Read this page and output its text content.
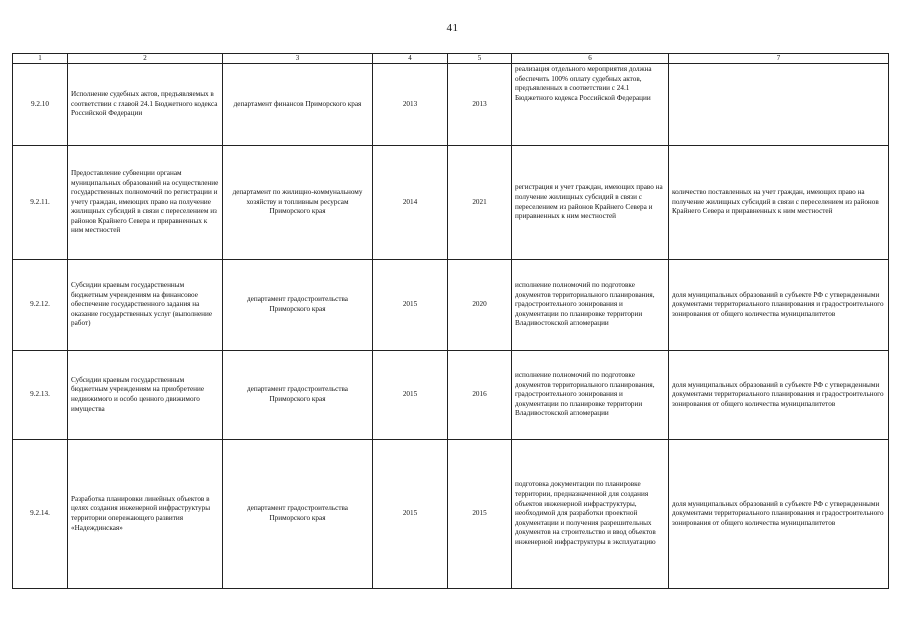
41
1	2	3	4	5	6	7
9.2.10	Исполнение судебных актов, предъявляемых в соответствии с главой 24.1 Бюджетного кодекса Российской Федерации	департамент финансов Приморского края	2013	2013	реализация отдельного мероприятия должна обеспечить 100% оплату судебных актов, предъявленных в соответствии с 24.1 Бюджетного кодекса Российской Федерации	
9.2.11.	Предоставление субвенции органам муниципальных образований на осуществление государственных полномочий по регистрации и учету граждан, имеющих право на получение жилищных субсидий в связи с переселением из районов Крайнего Севера и приравненных к ним местностей	департамент по жилищно-коммунальному хозяйству и топливным ресурсам Приморского края	2014	2021	регистрация и учет граждан, имеющих право на получение жилищных субсидий в связи с переселением из районов Крайнего Севера и приравненных к ним местностей	количество поставленных на учет граждан, имеющих право на получение жилищных субсидий в связи с переселением из районов Крайнего Севера и приравненных к ним местностей
9.2.12.	Субсидии краевым государственным бюджетным учреждениям на финансовое обеспечение государственного задания на оказание государственных услуг (выполнение работ)	департамент градостроительства Приморского края	2015	2020	исполнение полномочий по подготовке документов территориального планирования, градостроительного зонирования и документации по планировке территории Владивостокской агломерации	доля муниципальных образований в субъекте РФ с утвержденными документами территориального планирования и градостроительного зонирования от общего количества муниципалитетов
9.2.13.	Субсидии краевым государственным бюджетным учреждениям на приобретение недвижимого и особо ценного движимого имущества	департамент градостроительства Приморского края	2015	2016	исполнение полномочий по подготовке документов территориального планирования, градостроительного зонирования и документации по планировке территории Владивостокской агломерации	доля муниципальных образований в субъекте РФ с утвержденными документами территориального планирования и градостроительного зонирования от общего количества муниципалитетов
9.2.14.	Разработка планировки линейных объектов в целях создания инженерной инфраструктуры территории опережающего развития «Надеждинская»	департамент градостроительства Приморского края	2015	2015	подготовка документации по планировке территории, предназначенной для создания объектов инженерной инфраструктуры, необходимой для разработки проектной документации и получения разрешительных документов на строительство и ввод объектов инженерной инфраструктуры в эксплуатацию	доля муниципальных образований в субъекте РФ с утвержденными документами территориального планирования и градостроительного зонирования от общего количества муниципалитетов
